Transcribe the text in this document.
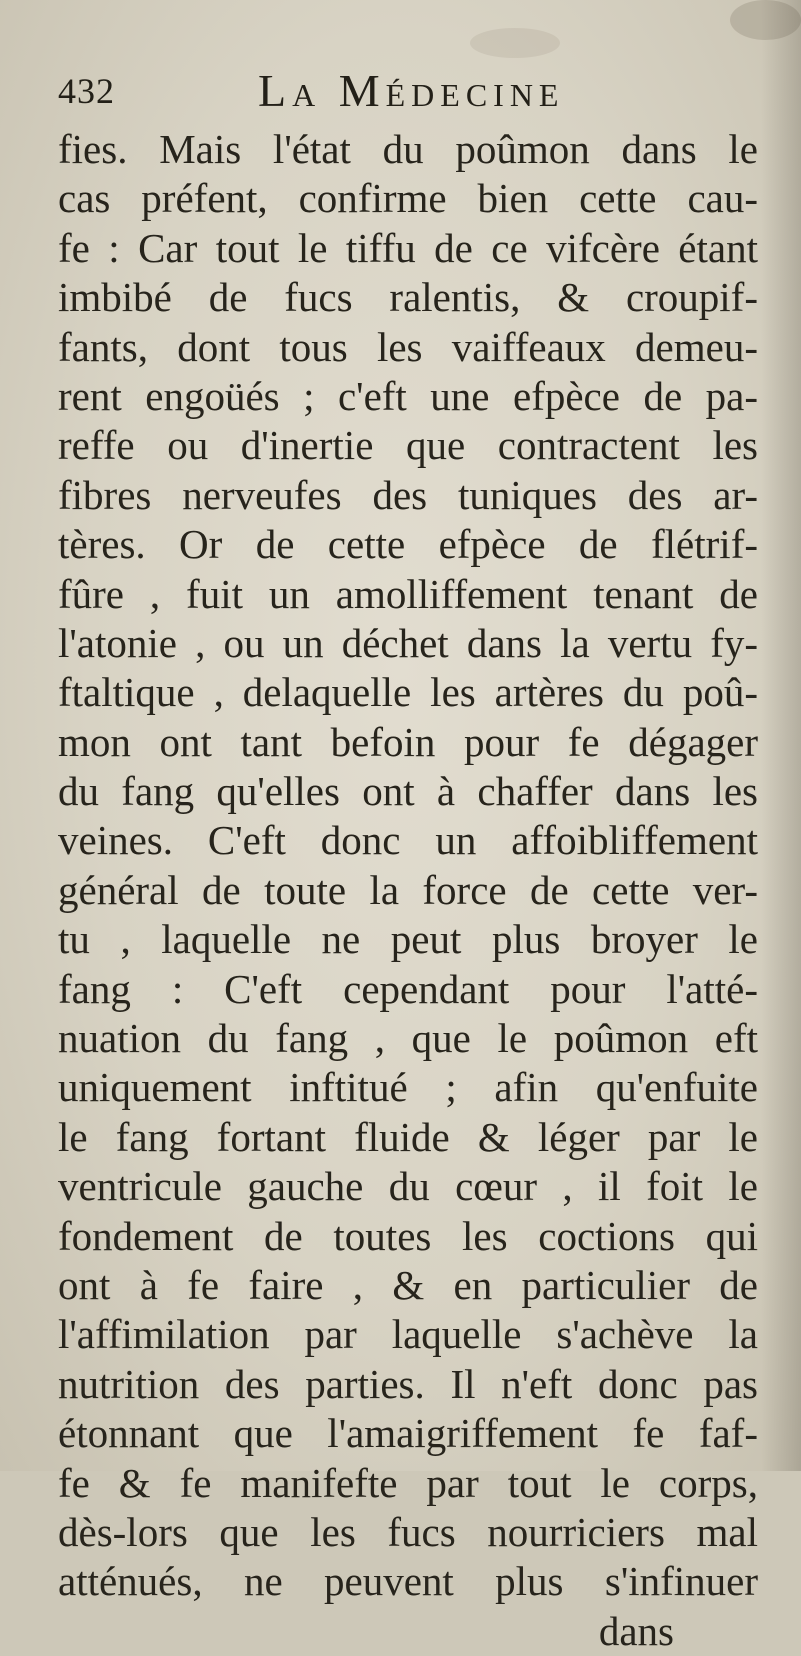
432	La Médecine
fies. Mais l'état du poûmon dans le
cas préfent, confirme bien cette cau-
fe : Car tout le tiffu de ce vifcère étant
imbibé de fucs ralentis, & croupif-
fants, dont tous les vaiffeaux demeu-
rent engoüés ; c'eft une efpèce de pa-
reffe ou d'inertie que contractent les
fibres nerveufes des tuniques des ar-
tères. Or de cette efpèce de flétrif-
fûre , fuit un amolliffement tenant de
l'atonie , ou un déchet dans la vertu fy-
ftaltique , delaquelle les artères du poû-
mon ont tant befoin pour fe dégager
du fang qu'elles ont à chaffer dans les
veines. C'eft donc un affoibliffement
général de toute la force de cette ver-
tu , laquelle ne peut plus broyer le
fang : C'eft cependant pour l'atté-
nuation du fang , que le poûmon eft
uniquement inftitué ; afin qu'enfuite
le fang fortant fluide & léger par le
ventricule gauche du cœur , il foit le
fondement de toutes les coctions qui
ont à fe faire , & en particulier de
l'affimilation par laquelle s'achève la
nutrition des parties. Il n'eft donc pas
étonnant que l'amaigriffement fe faf-
fe & fe manifefte par tout le corps,
dès-lors que les fucs nourriciers mal
atténués, ne peuvent plus s'infinuer
dans
